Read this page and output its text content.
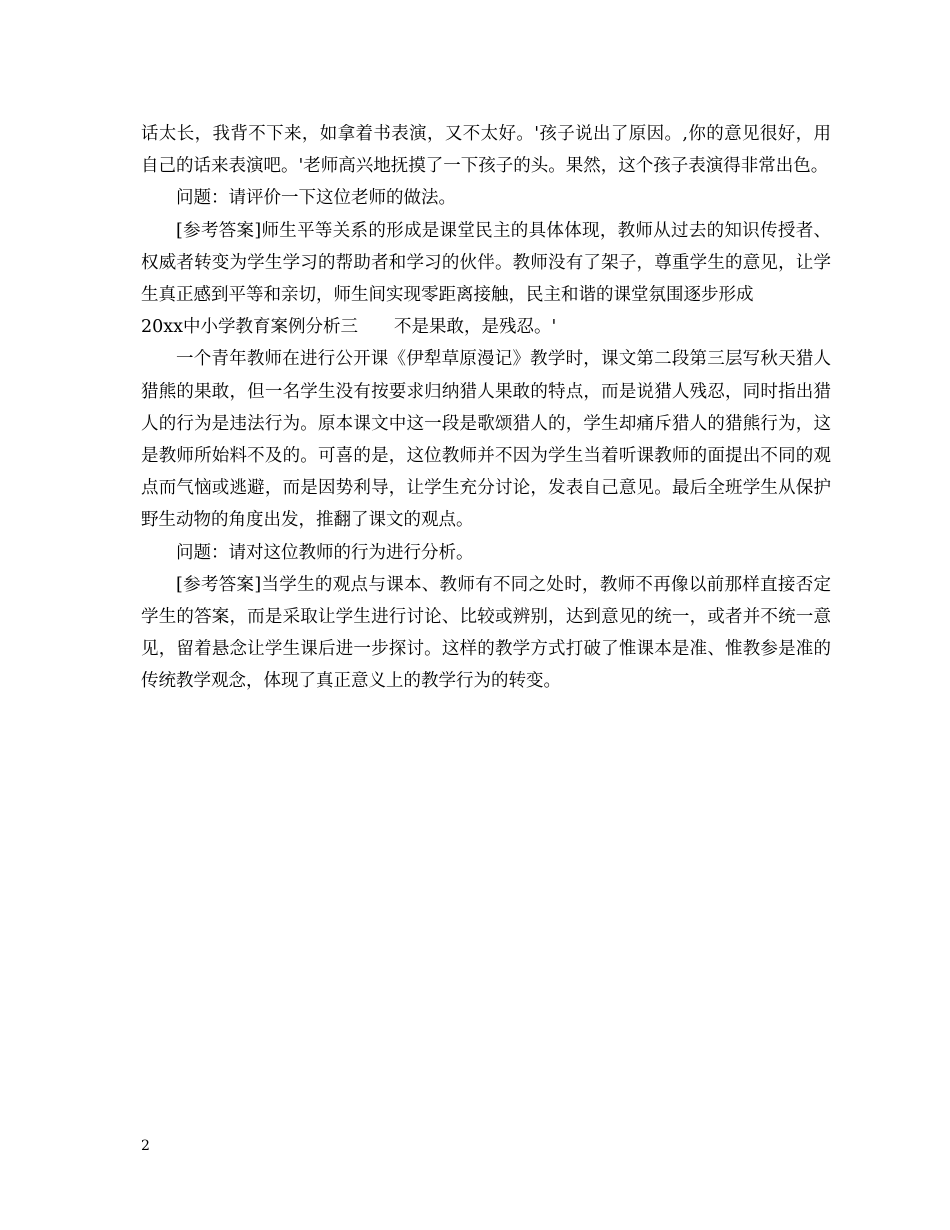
话太长，我背不下来，如拿着书表演，又不太好。'孩子说出了原因。,你的意见很好，用自己的话来表演吧。'老师高兴地抚摸了一下孩子的头。果然，这个孩子表演得非常出色。

问题：请评价一下这位老师的做法。

[参考答案]师生平等关系的形成是课堂民主的具体体现，教师从过去的知识传授者、权威者转变为学生学习的帮助者和学习的伙伴。教师没有了架子，尊重学生的意见，让学生真正感到平等和亲切，师生间实现零距离接触，民主和谐的课堂氛围逐步形成

20xx中小学教育案例分析三 不是果敢，是残忍。'

一个青年教师在进行公开课《伊犁草原漫记》教学时，课文第二段第三层写秋天猎人猎熊的果敢，但一名学生没有按要求归纳猎人果敢的特点，而是说猎人残忍，同时指出猎人的行为是违法行为。原本课文中这一段是歌颂猎人的，学生却痛斥猎人的猎熊行为，这是教师所始料不及的。可喜的是，这位教师并不因为学生当着听课教师的面提出不同的观点而气恼或逃避，而是因势利导，让学生充分讨论，发表自己意见。最后全班学生从保护野生动物的角度出发，推翻了课文的观点。

问题：请对这位教师的行为进行分析。

[参考答案]当学生的观点与课本、教师有不同之处时，教师不再像以前那样直接否定学生的答案，而是采取让学生进行讨论、比较或辨别，达到意见的统一，或者并不统一意见，留着悬念让学生课后进一步探讨。这样的教学方式打破了惟课本是准、惟教参是准的传统教学观念，体现了真正意义上的教学行为的转变。

2
